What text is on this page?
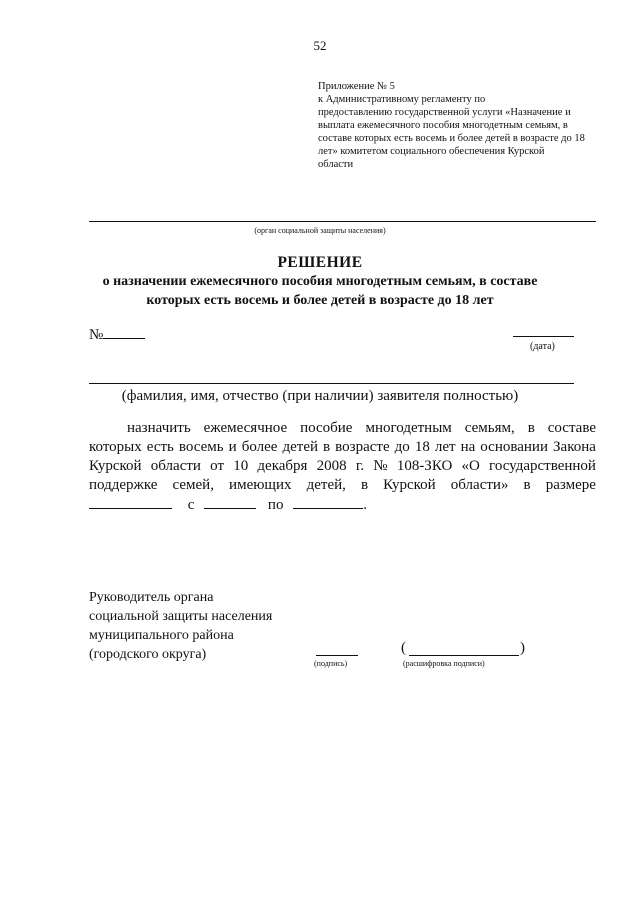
52
Приложение № 5
к Административному регламенту по
предоставлению государственной услуги «Назначение и
выплата ежемесячного пособия многодетным семьям, в
составе которых есть восемь и более детей в возрасте до 18
лет» комитетом социального обеспечения Курской
области
(орган социальной защиты населения)
РЕШЕНИЕ
о назначении ежемесячного пособия многодетным семьям, в составе
которых есть восемь и более детей в возрасте до 18 лет
№
(дата)
(фамилия, имя, отчество (при наличии) заявителя полностью)
назначить ежемесячное пособие многодетным семьям, в составе
которых есть восемь и более детей в возрасте до 18 лет на основании Закона
Курской области от 10 декабря 2008 г. № 108-ЗКО «О государственной
поддержке семей, имеющих детей, в Курской области» в размере
с	по	.
Руководитель органа
социальной защиты населения
муниципального района
(городского округа)
(подпись)
(	)
(расшифровка подписи)
